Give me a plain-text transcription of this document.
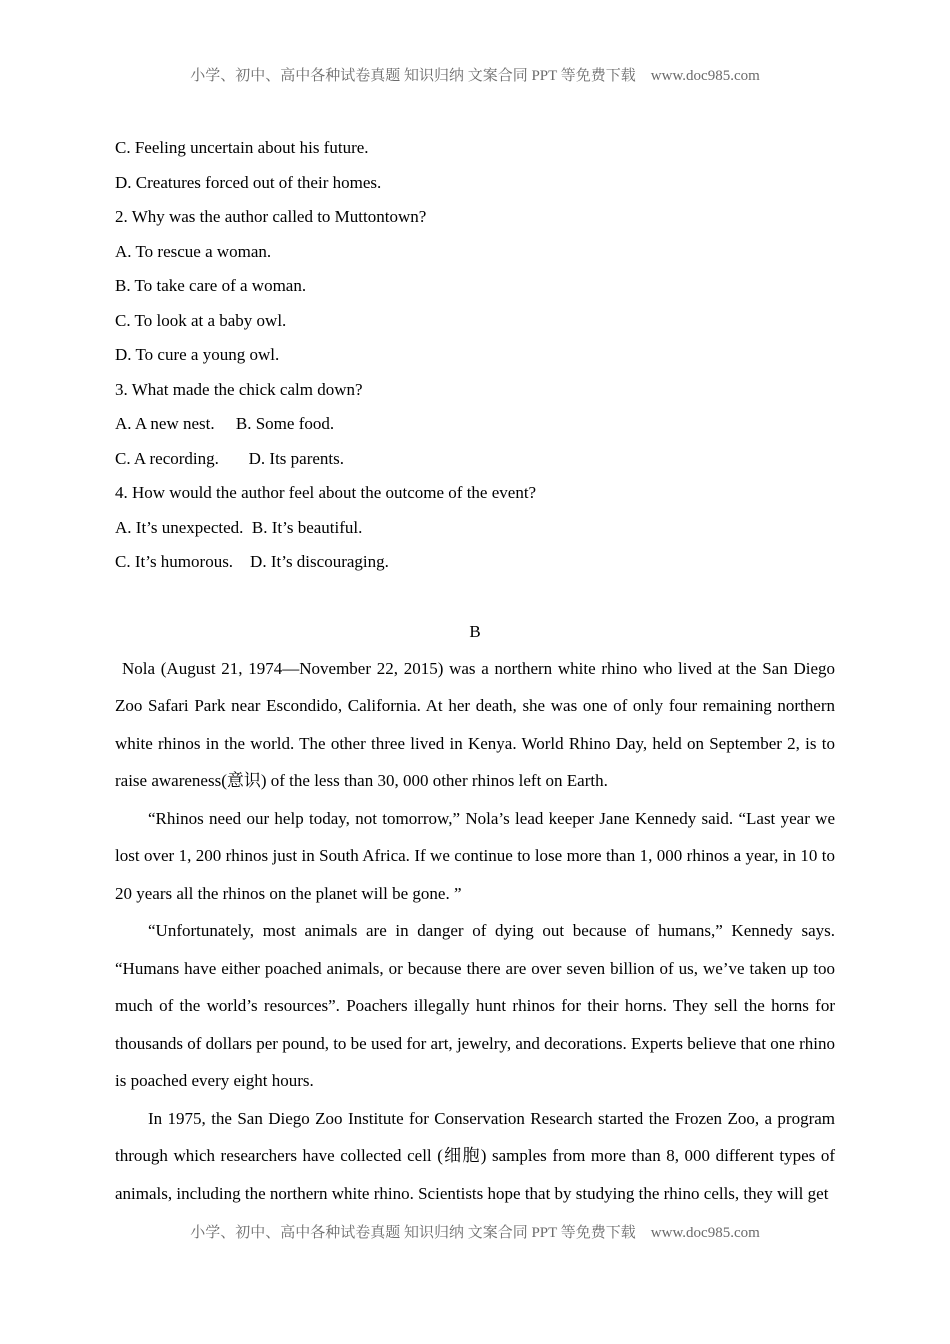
小学、初中、高中各种试卷真题 知识归纳 文案合同 PPT 等免费下载　www.doc985.com

C. Feeling uncertain about his future.

D. Creatures forced out of their homes.

2. Why was the author called to Muttontown?

A. To rescue a woman.

B. To take care of a woman.

C. To look at a baby owl.

D. To cure a young owl.

3. What made the chick calm down?

A. A new nest.     B. Some food.

C. A recording.       D. Its parents.

4. How would the author feel about the outcome of the event?

A. It’s unexpected.  B. It’s beautiful.

C. It’s humorous.    D. It’s discouraging.

B

Nola (August 21, 1974—November 22, 2015) was a northern white rhino who lived at the San Diego Zoo Safari Park near Escondido, California. At her death, she was one of only four remaining northern white rhinos in the world. The other three lived in Kenya. World Rhino Day, held on September 2, is to raise awareness(意识) of the less than 30, 000 other rhinos left on Earth.

“Rhinos need our help today, not tomorrow,” Nola’s lead keeper Jane Kennedy said. “Last year we lost over 1, 200 rhinos just in South Africa. If we continue to lose more than 1, 000 rhinos a year, in 10 to 20 years all the rhinos on the planet will be gone. ”

“Unfortunately, most animals are in danger of dying out because of humans,” Kennedy says. “Humans have either poached animals, or because there are over seven billion of us, we’ve taken up too much of the world’s resources”. Poachers illegally hunt rhinos for their horns. They sell the horns for thousands of dollars per pound, to be used for art, jewelry, and decorations. Experts believe that one rhino is poached every eight hours.

In 1975, the San Diego Zoo Institute for Conservation Research started the Frozen Zoo, a program through which researchers have collected cell (细胞) samples from more than 8, 000 different types of animals, including the northern white rhino. Scientists hope that by studying the rhino cells, they will get

小学、初中、高中各种试卷真题 知识归纳 文案合同 PPT 等免费下载　www.doc985.com
